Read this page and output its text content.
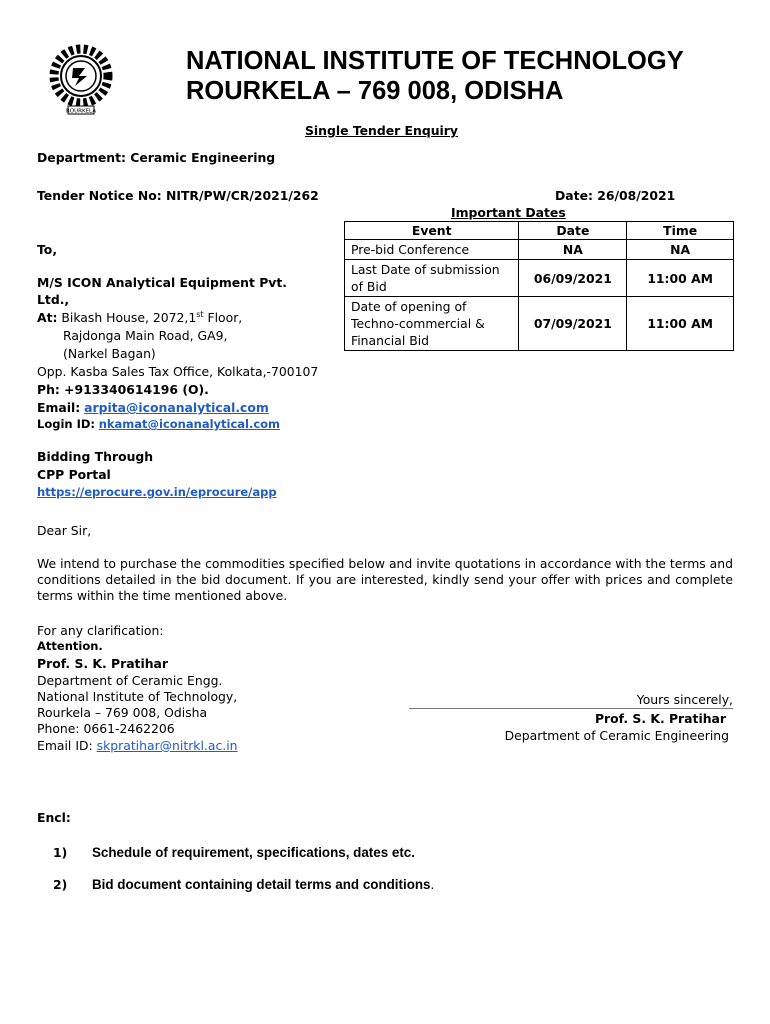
ROURKELA
NATIONAL INSTITUTE OF TECHNOLOGY
ROURKELA – 769 008, ODISHA
Single Tender Enquiry
Department: Ceramic Engineering
Tender Notice No: NITR/PW/CR/2021/262	Date: 26/08/2021
Important Dates
Event	Date	Time
Pre-bid Conference	NA	NA

Last Date of submission
of Bid	06/09/2021	11:00 AM

Date of opening of
Techno-commercial &
Financial Bid	07/09/2021	11:00 AM
To,
M/S ICON Analytical Equipment Pvt.
Ltd.,
At: Bikash House, 2072,1st Floor,
Rajdonga Main Road, GA9,
(Narkel Bagan)
Opp. Kasba Sales Tax Office, Kolkata,-700107
Ph: +913340614196 (O).
Email: arpita@iconanalytical.com
Login ID: nkamat@iconanalytical.com
Bidding Through
CPP Portal
https://eprocure.gov.in/eprocure/app
Dear Sir,
We intend to purchase the commodities specified below and invite quotations in accordance with the terms and conditions detailed in the bid document. If you are interested, kindly send your offer with prices and complete terms within the time mentioned above.
For any clarification:
Attention.
Prof. S. K. Pratihar
Department of Ceramic Engg.
National Institute of Technology,
Rourkela – 769 008, Odisha
Phone: 0661-2462206
Email ID: skpratihar@nitrkl.ac.in
Yours sincerely,
Prof. S. K. Pratihar
Department of Ceramic Engineering
Encl:
1) Schedule of requirement, specifications, dates etc.
2) Bid document containing detail terms and conditions.
